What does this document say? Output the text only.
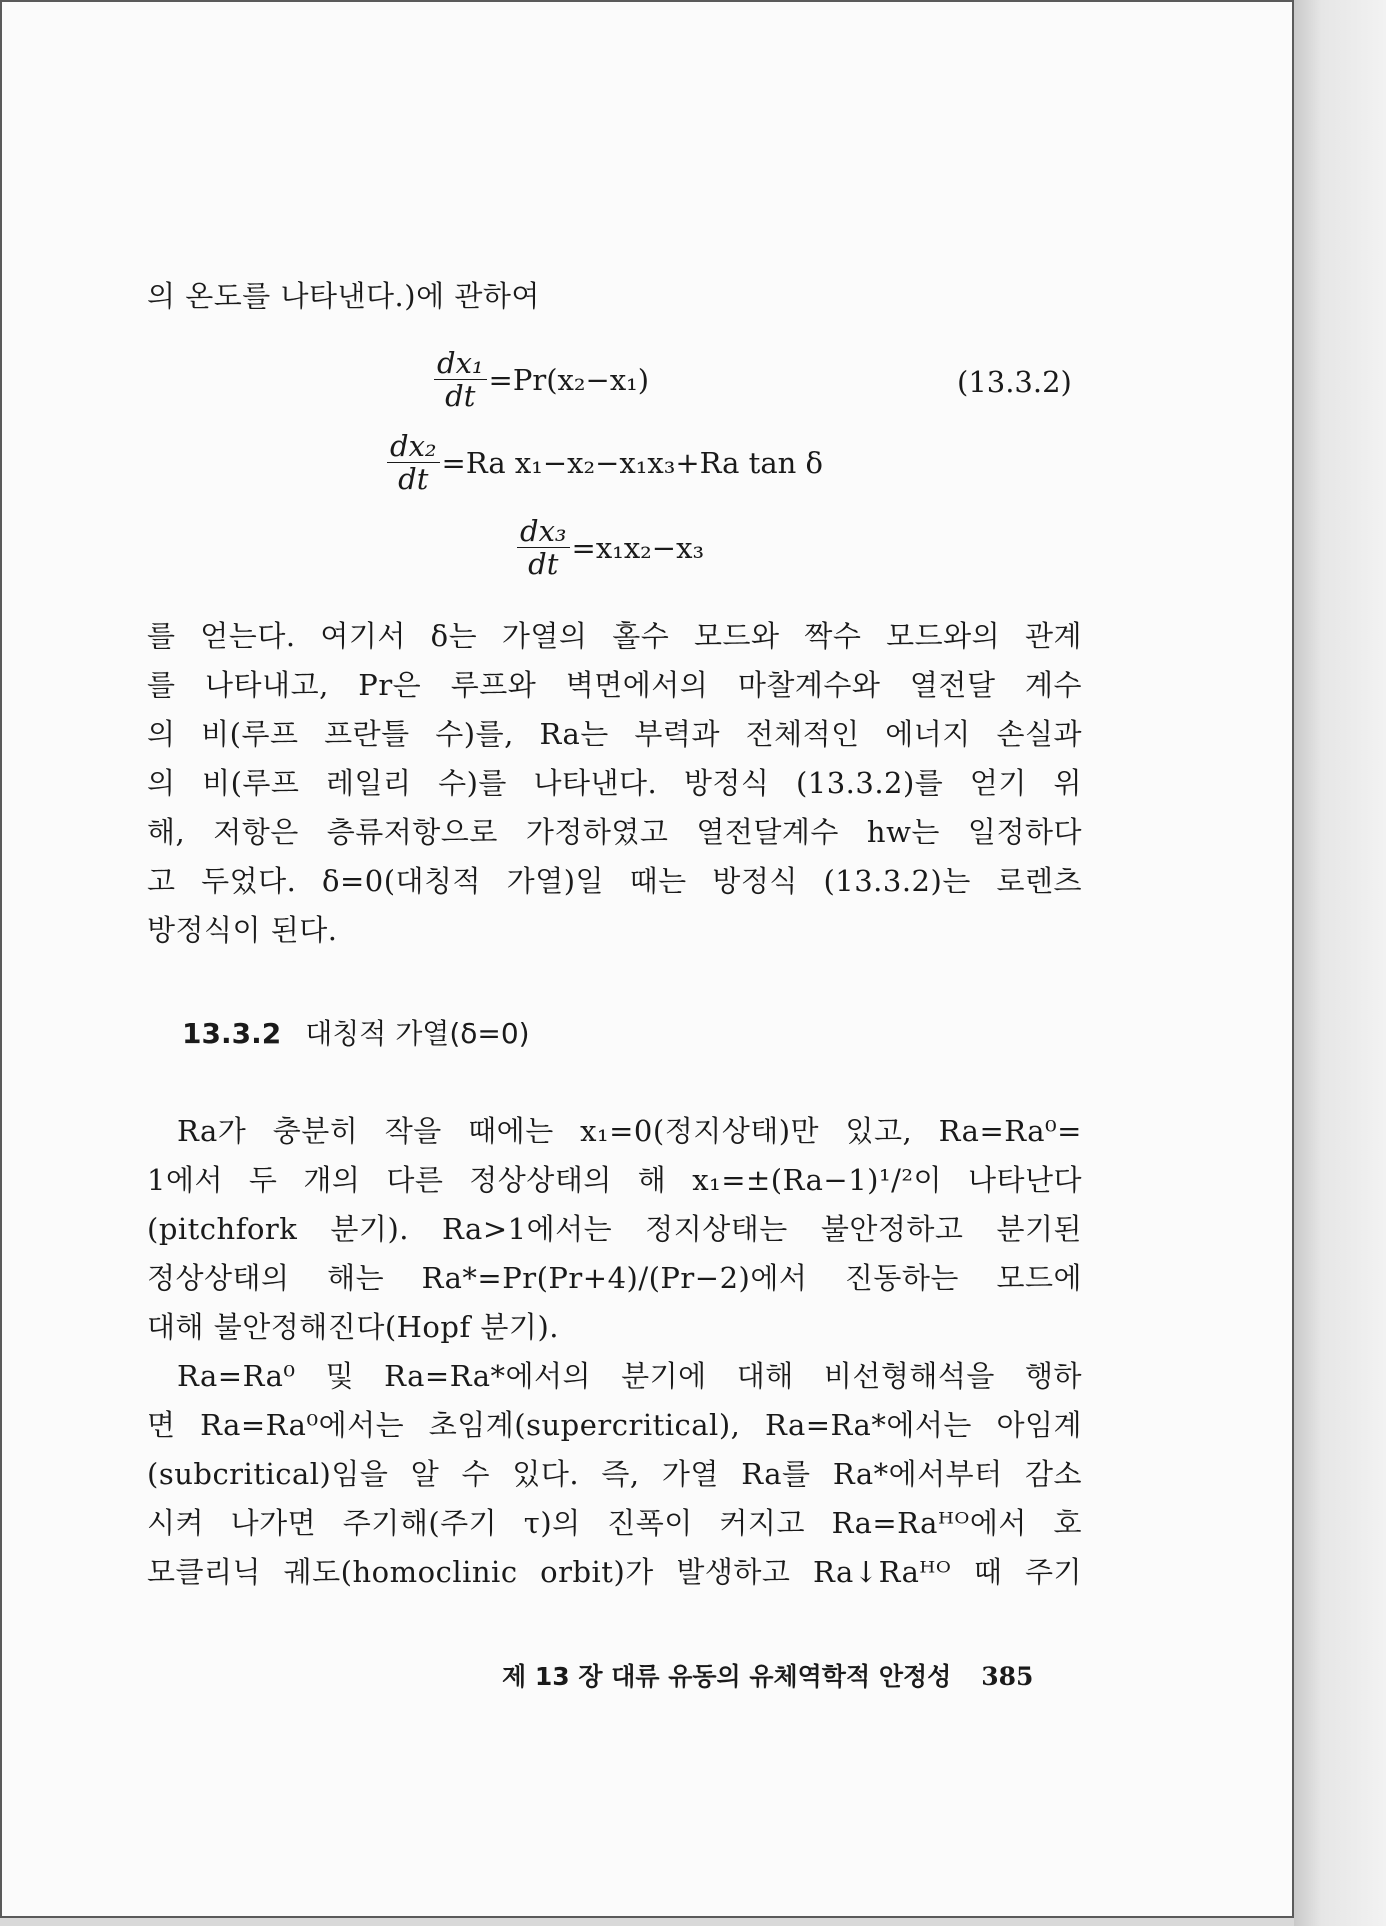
의 온도를 나타낸다.)에 관하여
$\frac{\text{dx₁}}{dt} =Pr(x_2-x_1)$	(13.3.2)
$\frac{\text{dx₂}}{dt} =Ra$ x₁−x₂−x₁x₃+Ra tan δ
$\frac{\text{dx₃}}{dt} =x_1x_2-x_3$
를 얻는다. 여기서 δ는 가열의 홀수 모드와 짝수 모드와의 관계
를 나타내고, Pr은 루프와 벽면에서의 마찰계수와 열전달 계수
의 비(루프 프란틀 수)를, Ra는 부력과 전체적인 에너지 손실과
의 비(루프 레일리 수)를 나타낸다. 방정식 (13.3.2)를 얻기 위
해, 저항은 층류저항으로 가정하였고 열전달계수 hw는 일정하다
고 두었다. δ=0(대칭적 가열)일 때는 방정식 (13.3.2)는 로렌츠
방정식이 된다.
13.3.2 대칭적 가열(δ=0)
Ra가 충분히 작을 때에는 x₁=0(정지상태)만 있고, Ra=Ra⁰=
1에서 두 개의 다른 정상상태의 해 x₁=±(Ra−1)¹/²이 나타난다
(pitchfork 분기). Ra>1에서는 정지상태는 불안정하고 분기된
정상상태의 해는 Ra*=Pr(Pr+4)/(Pr−2)에서 진동하는 모드에
대해 불안정해진다(Hopf 분기).
Ra=Ra⁰ 및 Ra=Ra*에서의 분기에 대해 비선형해석을 행하
면 Ra=Ra⁰에서는 초임계(supercritical), Ra=Ra*에서는 아임계
(subcritical)임을 알 수 있다. 즉, 가열 Ra를 Ra*에서부터 감소
시켜 나가면 주기해(주기 τ)의 진폭이 커지고 Ra=Raᴴᴼ에서 호
모클리닉 궤도(homoclinic orbit)가 발생하고 Ra↓Raᴴᴼ 때 주기
제 13 장 대류 유동의 유체역학적 안정성 385
